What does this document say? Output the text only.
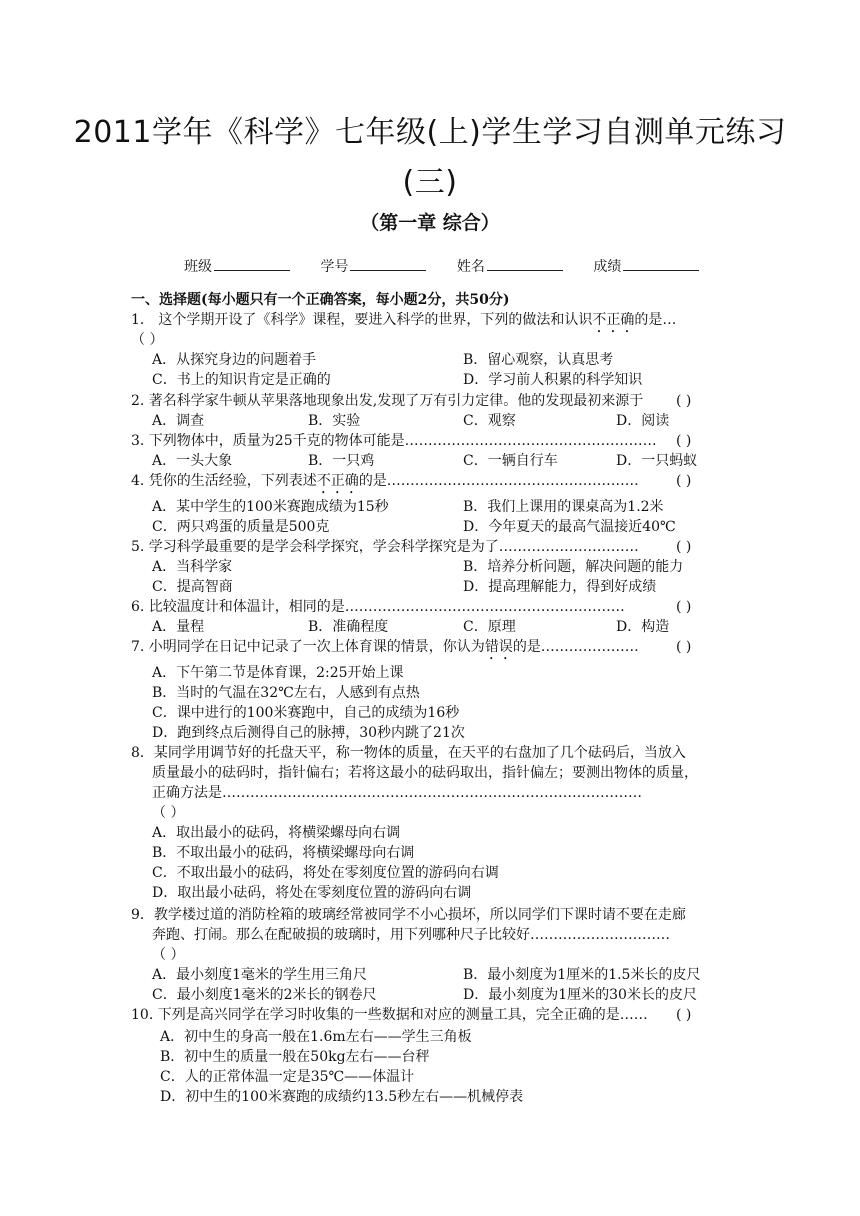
2011学年《科学》七年级(上)学生学习自测单元练习
(三)
（第一章 综合）
班级	学号	姓名	成绩
一、选择题(每小题只有一个正确答案，每小题2分，共50分)
1． 这个学期开设了《科学》课程，要进入科学的世界，下列的做法和认识不正确的是…
（ ）
A．从探究身边的问题着手	B．留心观察，认真思考
C．书上的知识肯定是正确的	D．学习前人积累的科学知识
2. 著名科学家牛顿从苹果落地现象出发,发现了万有引力定律。他的发现最初来源于 ( )
A．调查	B．实验	C．观察	D．阅读
3. 下列物体中，质量为25千克的物体可能是……………………………………………… ( )
A．一头大象	B．一只鸡	C．一辆自行车	D．一只蚂蚁
4. 凭你的生活经验，下列表述不正确的是………………………………………………	( )
A．某中学生的100米赛跑成绩为15秒	B．我们上课用的课桌高为1.2米
C．两只鸡蛋的质量是500克	D．今年夏天的最高气温接近40℃
5. 学习科学最重要的是学会科学探究，学会科学探究是为了…………………………	( )
A．当科学家	B．培养分析问题，解决问题的能力
C．提高智商	D．提高理解能力，得到好成绩
6. 比较温度计和体温计，相同的是……………………………………………………	( )
A．量程	B．准确程度	C．原理	D．构造
7. 小明同学在日记中记录了一次上体育课的情景，你认为错误的是…………………	( )
A．下午第二节是体育课，2:25开始上课
B．当时的气温在32℃左右，人感到有点热
C．课中进行的100米赛跑中，自己的成绩为16秒
D．跑到终点后测得自己的脉搏，30秒内跳了21次
8．某同学用调节好的托盘天平，称一物体的质量，在天平的右盘加了几个砝码后，当放入
质量最小的砝码时，指针偏右；若将这最小的砝码取出，指针偏左；要测出物体的质量，
正确方法是………………………………………………………………………………
（ ）
A．取出最小的砝码，将横梁螺母向右调
B．不取出最小的砝码，将横梁螺母向右调
C．不取出最小的砝码，将处在零刻度位置的游码向右调
D．取出最小砝码，将处在零刻度位置的游码向右调
9．教学楼过道的消防栓箱的玻璃经常被同学不小心损坏，所以同学们下课时请不要在走廊
奔跑、打闹。那么在配破损的玻璃时，用下列哪种尺子比较好…………………………
（ ）
A．最小刻度1毫米的学生用三角尺	B．最小刻度为1厘米的1.5米长的皮尺
C．最小刻度1毫米的2米长的钢卷尺	D．最小刻度为1厘米的30米长的皮尺
10. 下列是高兴同学在学习时收集的一些数据和对应的测量工具，完全正确的是…… ( )
A．初中生的身高一般在1.6m左右——学生三角板
B．初中生的质量一般在50kg左右——台秤
C．人的正常体温一定是35℃——体温计
D．初中生的100米赛跑的成绩约13.5秒左右——机械停表
